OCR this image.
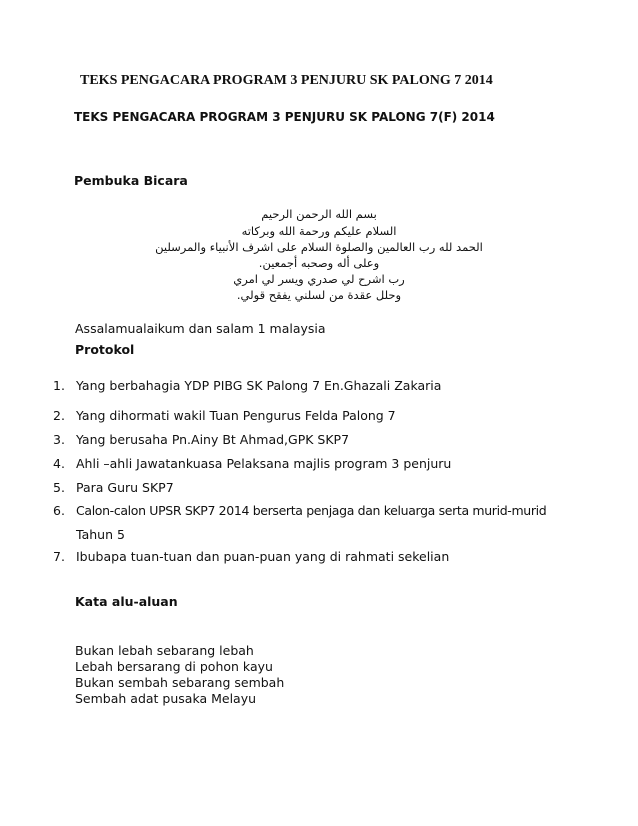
TEKS PENGACARA PROGRAM 3 PENJURU SK PALONG 7 2014
TEKS PENGACARA PROGRAM 3 PENJURU SK PALONG 7(F) 2014
Pembuka Bicara
بسم الله الرحمن الرحيم
السلام عليكم ورحمة الله وبركاته
الحمد لله رب العالمين والصلوة السلام على اشرف الأنبياء والمرسلين
وعلى أله وصحبه أجمعين.
رب اشرح لي صدري ويسر لي امري
وحلل عقدة من لسلني يفقح قولي.
Assalamualaikum dan salam 1 malaysia
Protokol
1. Yang berbahagia YDP PIBG SK Palong 7 En.Ghazali Zakaria
2. Yang dihormati wakil Tuan Pengurus Felda Palong 7
3. Yang berusaha Pn.Ainy Bt Ahmad,GPK SKP7
4. Ahli –ahli Jawatankuasa Pelaksana majlis program 3 penjuru
5. Para Guru SKP7
6. Calon-calon UPSR SKP7 2014 berserta penjaga dan keluarga serta murid-murid
Tahun 5
7. Ibubapa tuan-tuan dan puan-puan yang di rahmati sekelian
Kata alu-aluan
Bukan lebah sebarang lebah
Lebah bersarang di pohon kayu
Bukan sembah sebarang sembah
Sembah adat pusaka Melayu
